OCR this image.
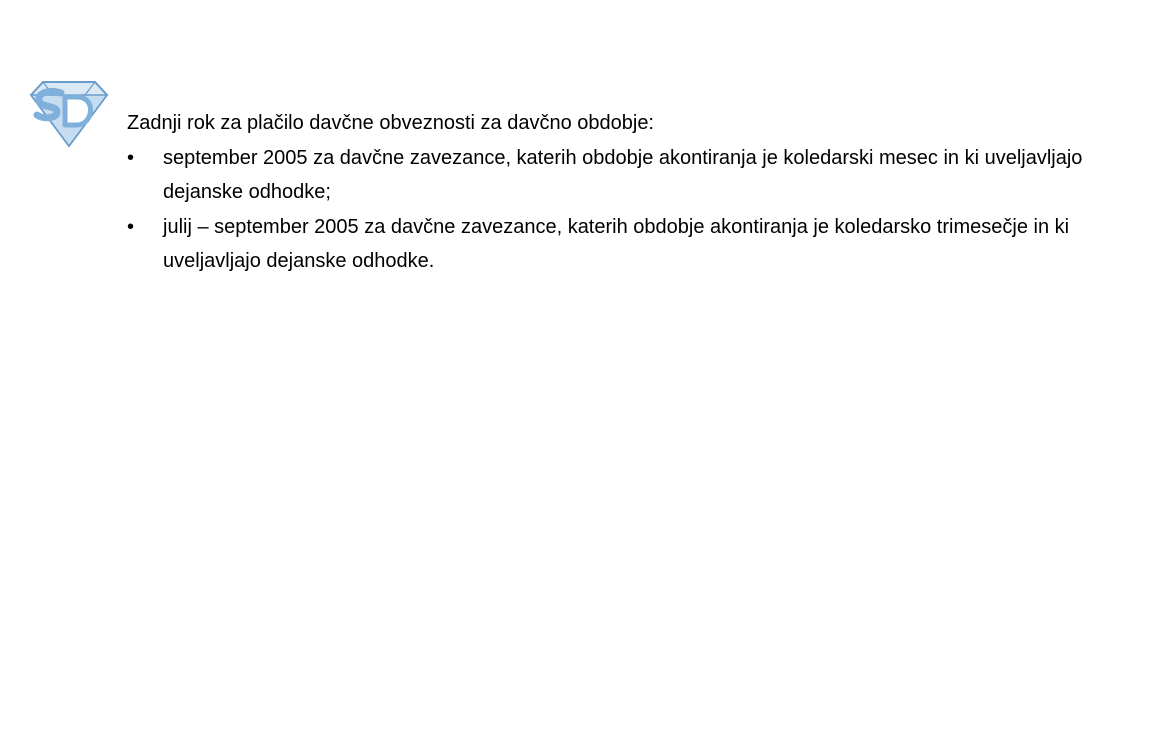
Zadnji rok za plačilo davčne obveznosti za davčno obdobje:

•	september 2005 za davčne zavezance, katerih obdobje akontiranja je koledarski mesec in ki uveljavljajo dejanske odhodke;
•	julij – september 2005 za davčne zavezance, katerih obdobje akontiranja je koledarsko trimesečje in ki uveljavljajo dejanske odhodke.
